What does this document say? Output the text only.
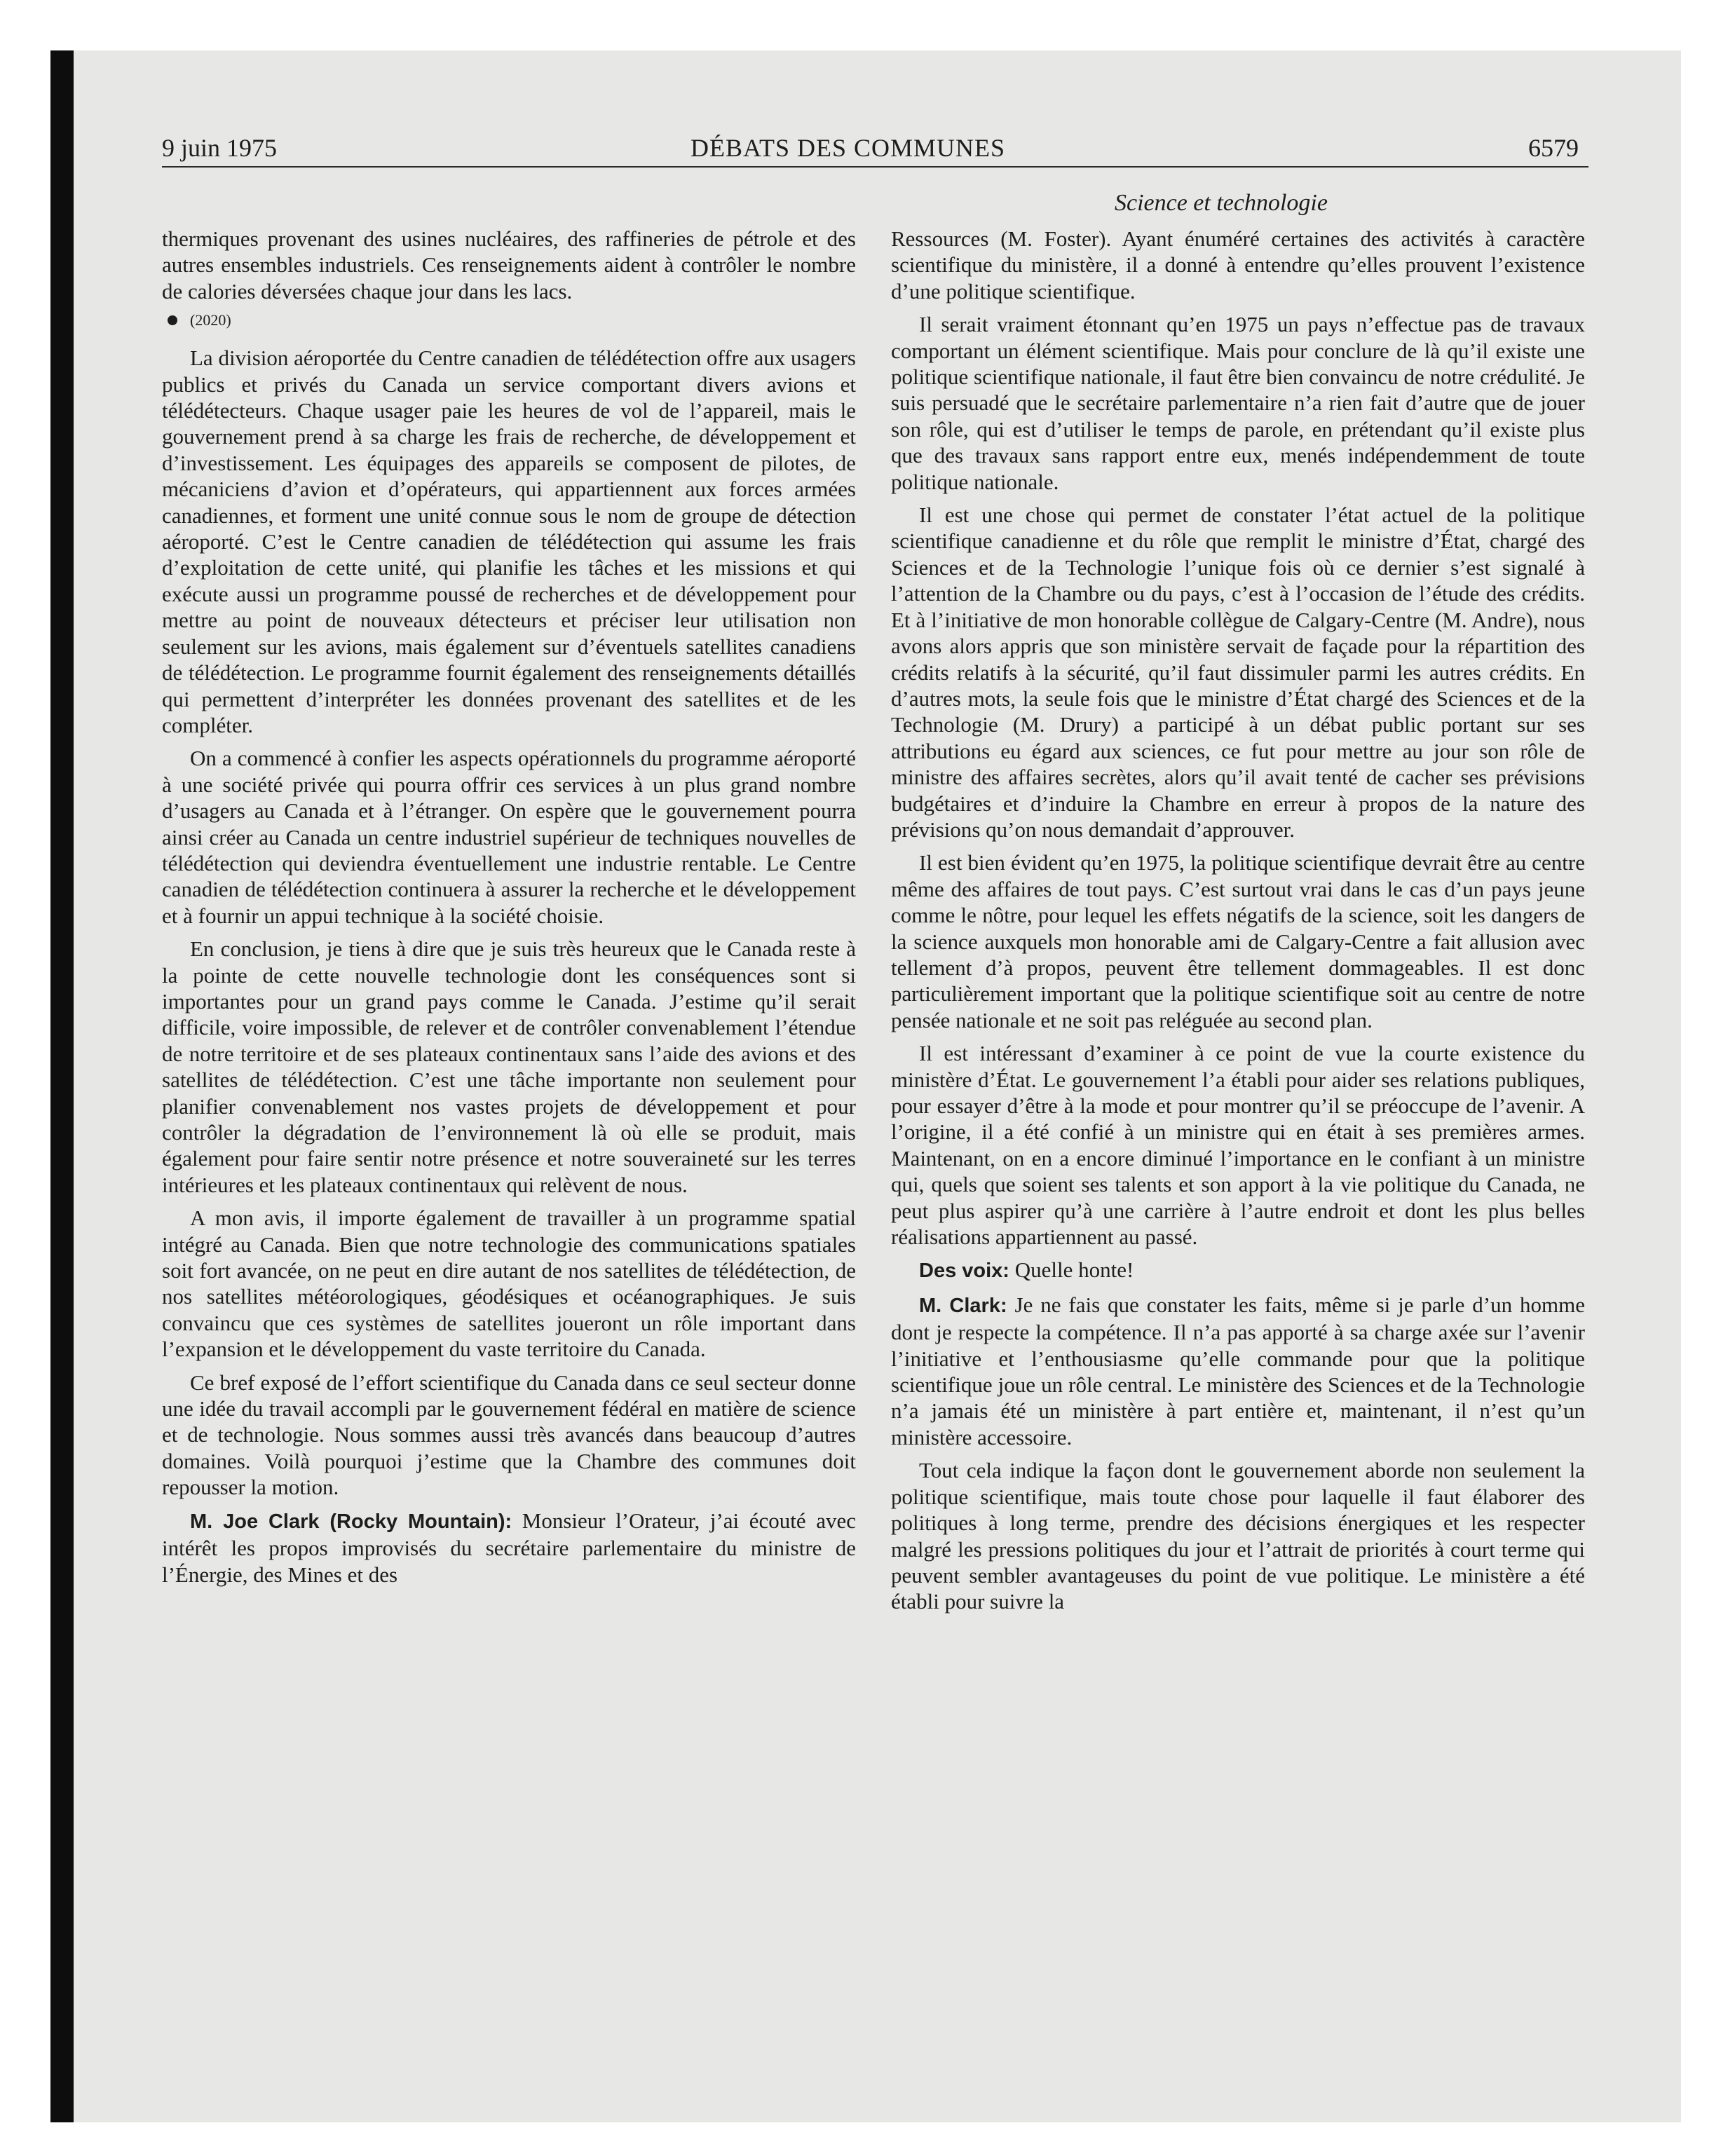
9 juin 1975	DÉBATS DES COMMUNES	6579
Science et technologie

thermiques provenant des usines nucléaires, des raffineries de pétrole et des autres ensembles industriels. Ces renseignements aident à contrôler le nombre de calories déversées chaque jour dans les lacs.

(2020)

La division aéroportée du Centre canadien de télédétection offre aux usagers publics et privés du Canada un service comportant divers avions et télédétecteurs. Chaque usager paie les heures de vol de l’appareil, mais le gouvernement prend à sa charge les frais de recherche, de développement et d’investissement. Les équipages des appareils se composent de pilotes, de mécaniciens d’avion et d’opérateurs, qui appartiennent aux forces armées canadiennes, et forment une unité connue sous le nom de groupe de détection aéroporté. C’est le Centre canadien de télédétection qui assume les frais d’exploitation de cette unité, qui planifie les tâches et les missions et qui exécute aussi un programme poussé de recherches et de développement pour mettre au point de nouveaux détecteurs et préciser leur utilisation non seulement sur les avions, mais également sur d’éventuels satellites canadiens de télédétection. Le programme fournit également des renseignements détaillés qui permettent d’interpréter les données provenant des satellites et de les compléter.

On a commencé à confier les aspects opérationnels du programme aéroporté à une société privée qui pourra offrir ces services à un plus grand nombre d’usagers au Canada et à l’étranger. On espère que le gouvernement pourra ainsi créer au Canada un centre industriel supérieur de techniques nouvelles de télédétection qui deviendra éventuellement une industrie rentable. Le Centre canadien de télédétection continuera à assurer la recherche et le développement et à fournir un appui technique à la société choisie.

En conclusion, je tiens à dire que je suis très heureux que le Canada reste à la pointe de cette nouvelle technologie dont les conséquences sont si importantes pour un grand pays comme le Canada. J’estime qu’il serait difficile, voire impossible, de relever et de contrôler convenablement l’étendue de notre territoire et de ses plateaux continentaux sans l’aide des avions et des satellites de télédétection. C’est une tâche importante non seulement pour planifier convenablement nos vastes projets de développement et pour contrôler la dégradation de l’environnement là où elle se produit, mais également pour faire sentir notre présence et notre souveraineté sur les terres intérieures et les plateaux continentaux qui relèvent de nous.

A mon avis, il importe également de travailler à un programme spatial intégré au Canada. Bien que notre technologie des communications spatiales soit fort avancée, on ne peut en dire autant de nos satellites de télédétection, de nos satellites météorologiques, géodésiques et océanographiques. Je suis convaincu que ces systèmes de satellites joueront un rôle important dans l’expansion et le développement du vaste territoire du Canada.

Ce bref exposé de l’effort scientifique du Canada dans ce seul secteur donne une idée du travail accompli par le gouvernement fédéral en matière de science et de technologie. Nous sommes aussi très avancés dans beaucoup d’autres domaines. Voilà pourquoi j’estime que la Chambre des communes doit repousser la motion.

M. Joe Clark (Rocky Mountain): Monsieur l’Orateur, j’ai écouté avec intérêt les propos improvisés du secrétaire parlementaire du ministre de l’Énergie, des Mines et des

Ressources (M. Foster). Ayant énuméré certaines des activités à caractère scientifique du ministère, il a donné à entendre qu’elles prouvent l’existence d’une politique scientifique.

Il serait vraiment étonnant qu’en 1975 un pays n’effectue pas de travaux comportant un élément scientifique. Mais pour conclure de là qu’il existe une politique scientifique nationale, il faut être bien convaincu de notre crédulité. Je suis persuadé que le secrétaire parlementaire n’a rien fait d’autre que de jouer son rôle, qui est d’utiliser le temps de parole, en prétendant qu’il existe plus que des travaux sans rapport entre eux, menés indépendemment de toute politique nationale.

Il est une chose qui permet de constater l’état actuel de la politique scientifique canadienne et du rôle que remplit le ministre d’État, chargé des Sciences et de la Technologie l’unique fois où ce dernier s’est signalé à l’attention de la Chambre ou du pays, c’est à l’occasion de l’étude des crédits. Et à l’initiative de mon honorable collègue de Calgary-Centre (M. Andre), nous avons alors appris que son ministère servait de façade pour la répartition des crédits relatifs à la sécurité, qu’il faut dissimuler parmi les autres crédits. En d’autres mots, la seule fois que le ministre d’État chargé des Sciences et de la Technologie (M. Drury) a participé à un débat public portant sur ses attributions eu égard aux sciences, ce fut pour mettre au jour son rôle de ministre des affaires secrètes, alors qu’il avait tenté de cacher ses prévisions budgétaires et d’induire la Chambre en erreur à propos de la nature des prévisions qu’on nous demandait d’approuver.

Il est bien évident qu’en 1975, la politique scientifique devrait être au centre même des affaires de tout pays. C’est surtout vrai dans le cas d’un pays jeune comme le nôtre, pour lequel les effets négatifs de la science, soit les dangers de la science auxquels mon honorable ami de Calgary-Centre a fait allusion avec tellement d’à propos, peuvent être tellement dommageables. Il est donc particulièrement important que la politique scientifique soit au centre de notre pensée nationale et ne soit pas reléguée au second plan.

Il est intéressant d’examiner à ce point de vue la courte existence du ministère d’État. Le gouvernement l’a établi pour aider ses relations publiques, pour essayer d’être à la mode et pour montrer qu’il se préoccupe de l’avenir. A l’origine, il a été confié à un ministre qui en était à ses premières armes. Maintenant, on en a encore diminué l’importance en le confiant à un ministre qui, quels que soient ses talents et son apport à la vie politique du Canada, ne peut plus aspirer qu’à une carrière à l’autre endroit et dont les plus belles réalisations appartiennent au passé.

Des voix: Quelle honte!

M. Clark: Je ne fais que constater les faits, même si je parle d’un homme dont je respecte la compétence. Il n’a pas apporté à sa charge axée sur l’avenir l’initiative et l’enthousiasme qu’elle commande pour que la politique scientifique joue un rôle central. Le ministère des Sciences et de la Technologie n’a jamais été un ministère à part entière et, maintenant, il n’est qu’un ministère accessoire.

Tout cela indique la façon dont le gouvernement aborde non seulement la politique scientifique, mais toute chose pour laquelle il faut élaborer des politiques à long terme, prendre des décisions énergiques et les respecter malgré les pressions politiques du jour et l’attrait de priorités à court terme qui peuvent sembler avantageuses du point de vue politique. Le ministère a été établi pour suivre la
